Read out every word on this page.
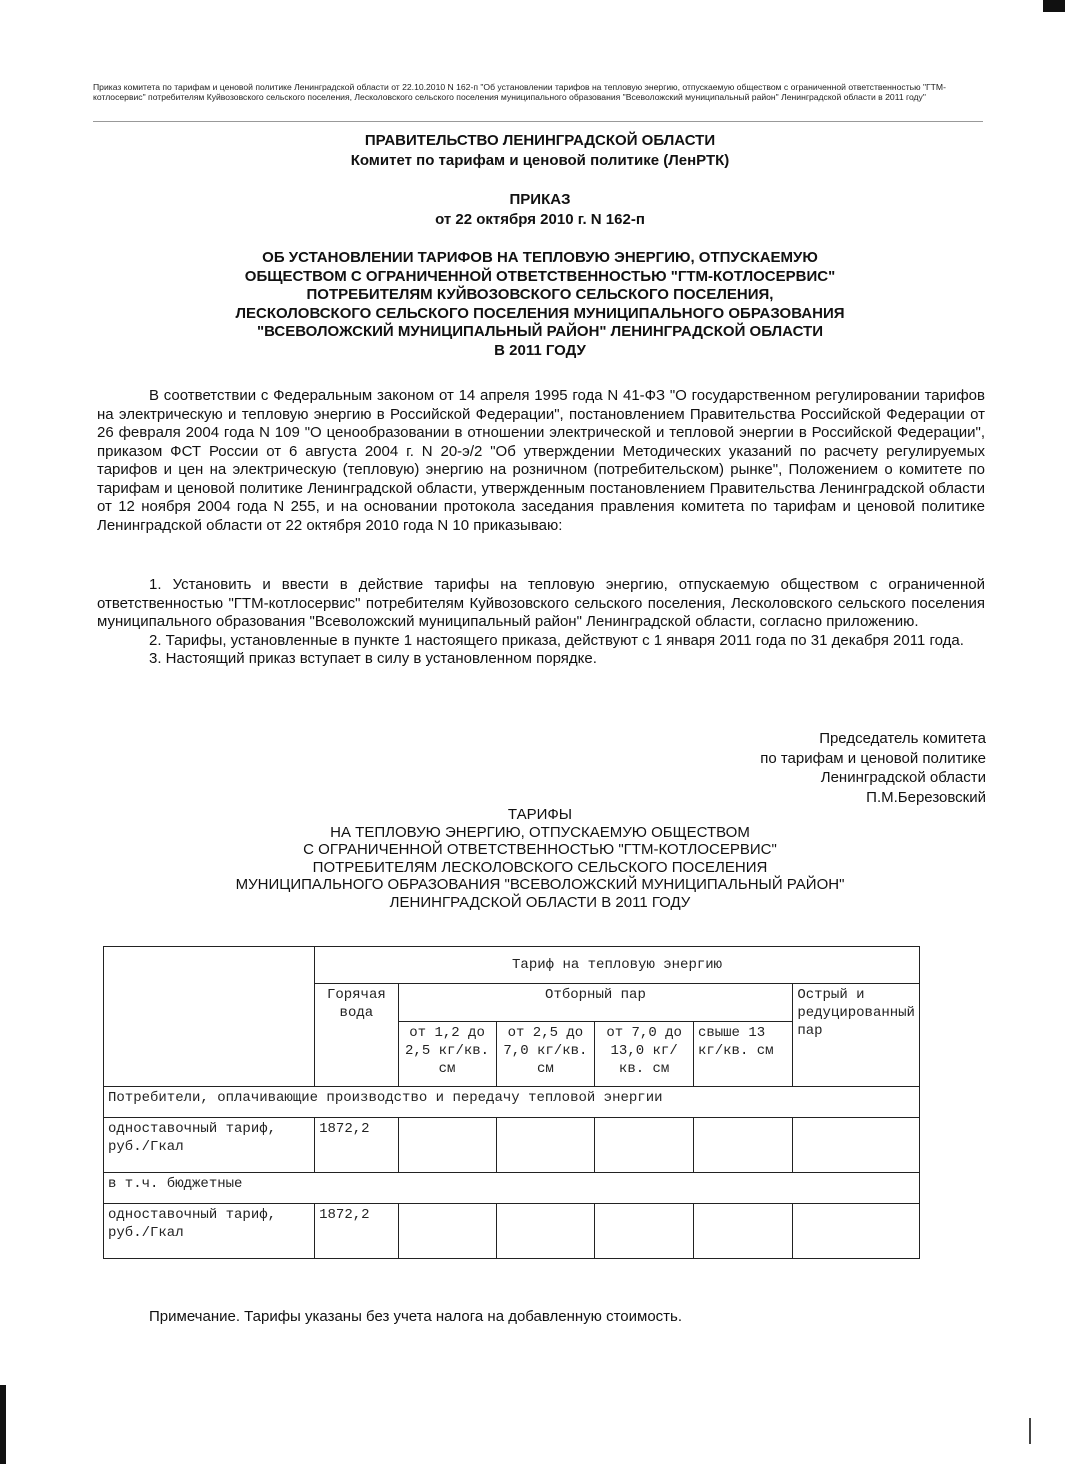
Приказ комитета по тарифам и ценовой политике Ленинградской области от 22.10.2010 N 162-п "Об установлении тарифов на тепловую энергию, отпускаемую обществом с ограниченной ответственностью "ГТМ-котлосервис" потребителям Куйвозовского сельского поселения, Лесколовского сельского поселения муниципального образования "Всеволожский муниципальный район" Ленинградской области в 2011 году"
ПРАВИТЕЛЬСТВО ЛЕНИНГРАДСКОЙ ОБЛАСТИ
Комитет по тарифам и ценовой политике (ЛенРТК)
ПРИКАЗ
от 22 октября 2010 г. N 162-п
ОБ УСТАНОВЛЕНИИ ТАРИФОВ НА ТЕПЛОВУЮ ЭНЕРГИЮ, ОТПУСКАЕМУЮ
ОБЩЕСТВОМ С ОГРАНИЧЕННОЙ ОТВЕТСТВЕННОСТЬЮ "ГТМ-КОТЛОСЕРВИС"
ПОТРЕБИТЕЛЯМ КУЙВОЗОВСКОГО СЕЛЬСКОГО ПОСЕЛЕНИЯ,
ЛЕСКОЛОВСКОГО СЕЛЬСКОГО ПОСЕЛЕНИЯ МУНИЦИПАЛЬНОГО ОБРАЗОВАНИЯ
"ВСЕВОЛОЖСКИЙ МУНИЦИПАЛЬНЫЙ РАЙОН" ЛЕНИНГРАДСКОЙ ОБЛАСТИ
В 2011 ГОДУ
В соответствии с Федеральным законом от 14 апреля 1995 года N 41-ФЗ "О государственном регулировании тарифов на электрическую и тепловую энергию в Российской Федерации", постановлением Правительства Российской Федерации от 26 февраля 2004 года N 109 "О ценообразовании в отношении электрической и тепловой энергии в Российской Федерации", приказом ФСТ России от 6 августа 2004 г. N 20-э/2 "Об утверждении Методических указаний по расчету регулируемых тарифов и цен на электрическую (тепловую) энергию на розничном (потребительском) рынке", Положением о комитете по тарифам и ценовой политике Ленинградской области, утвержденным постановлением Правительства Ленинградской области от 12 ноября 2004 года N 255, и на основании протокола заседания правления комитета по тарифам и ценовой политике Ленинградской области от 22 октября 2010 года N 10 приказываю:

1. Установить и ввести в действие тарифы на тепловую энергию, отпускаемую обществом с ограниченной ответственностью "ГТМ-котлосервис" потребителям Куйвозовского сельского поселения, Лесколовского сельского поселения муниципального образования "Всеволожский муниципальный район" Ленинградской области, согласно приложению.

2. Тарифы, установленные в пункте 1 настоящего приказа, действуют с 1 января 2011 года по 31 декабря 2011 года.

3. Настоящий приказ вступает в силу в установленном порядке.

Председатель комитета
по тарифам и ценовой политике
Ленинградской области
П.М.Березовский
ТАРИФЫ
НА ТЕПЛОВУЮ ЭНЕРГИЮ, ОТПУСКАЕМУЮ ОБЩЕСТВОМ
С ОГРАНИЧЕННОЙ ОТВЕТСТВЕННОСТЬЮ "ГТМ-КОТЛОСЕРВИС"
ПОТРЕБИТЕЛЯМ ЛЕСКОЛОВСКОГО СЕЛЬСКОГО ПОСЕЛЕНИЯ
МУНИЦИПАЛЬНОГО ОБРАЗОВАНИЯ "ВСЕВОЛОЖСКИЙ МУНИЦИПАЛЬНЫЙ РАЙОН"
ЛЕНИНГРАДСКОЙ ОБЛАСТИ В 2011 ГОДУ
	Тариф на тепловую энергию					
	Горячая вода	Отборный пар				Острый и редуцированный пар
		от 1,2 до 2,5 кг/кв. см	от 2,5 до 7,0 кг/кв. см	от 7,0 до 13,0 кг/кв. см	свыше 13 кг/кв. см	
Потребители, оплачивающие производство и передачу тепловой энергии						
одноставочный тариф, руб./Гкал	1872,2					
в т.ч. бюджетные						
одноставочный тариф, руб./Гкал	1872,2					
Примечание. Тарифы указаны без учета налога на добавленную стоимость.
